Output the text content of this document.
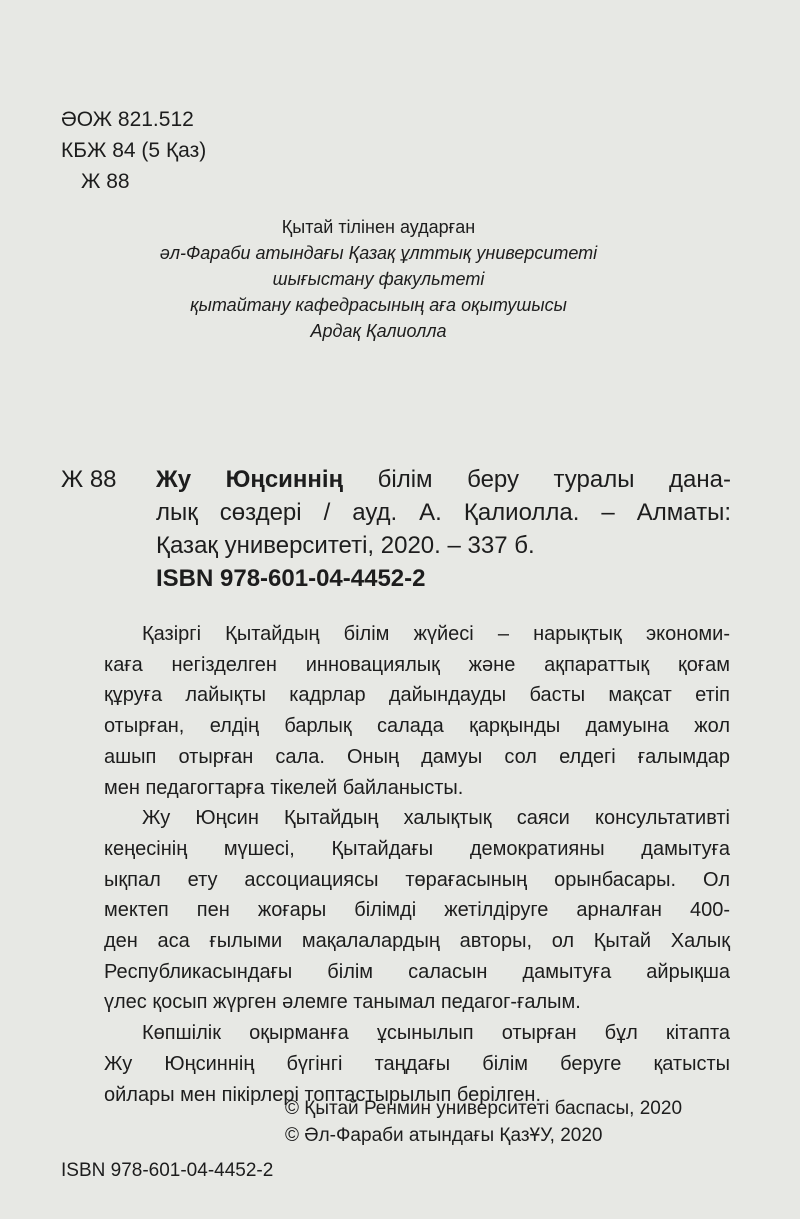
ӘОЖ 821.512
КБЖ 84 (5 Қаз)
Ж 88
Қытай тілінен аударған
әл-Фараби атындағы Қазақ ұлттық университеті
шығыстану факультеті
қытайтану кафедрасының аға оқытушысы
Ардақ Қалиолла
Ж 88	Жу Юңсиннің білім беру туралы дана-
лық сөздері / ауд. А. Қалиолла. – Алматы:
Қазақ университеті, 2020. – 337 б.
ISBN 978-601-04-4452-2
Қазіргі Қытайдың білім жүйесі – нарықтық экономи-
каға негізделген инновациялық және ақпараттық қоғам
құруға лайықты кадрлар дайындауды басты мақсат етіп
отырған, елдің барлық салада қарқынды дамуына жол
ашып отырған сала. Оның дамуы сол елдегі ғалымдар
мен педагогтарға тікелей байланысты.
Жу Юңсин Қытайдың халықтық саяси консультативті
кеңесінің мүшесі, Қытайдағы демократияны дамытуға
ықпал ету ассоциациясы төрағасының орынбасары. Ол
мектеп пен жоғары білімді жетілдіруге арналған 400-
ден аса ғылыми мақалалардың авторы, ол Қытай Халық
Республикасындағы білім саласын дамытуға айрықша
үлес қосып жүрген әлемге танымал педагог-ғалым.
Көпшілік оқырманға ұсынылып отырған бұл кітапта
Жу Юңсиннің бүгінгі таңдағы білім беруге қатысты
ойлары мен пікірлері топтастырылып берілген.
© Қытай Ренмин университеті баспасы, 2020
© Әл-Фараби атындағы ҚазҰУ, 2020
ISBN 978-601-04-4452-2
